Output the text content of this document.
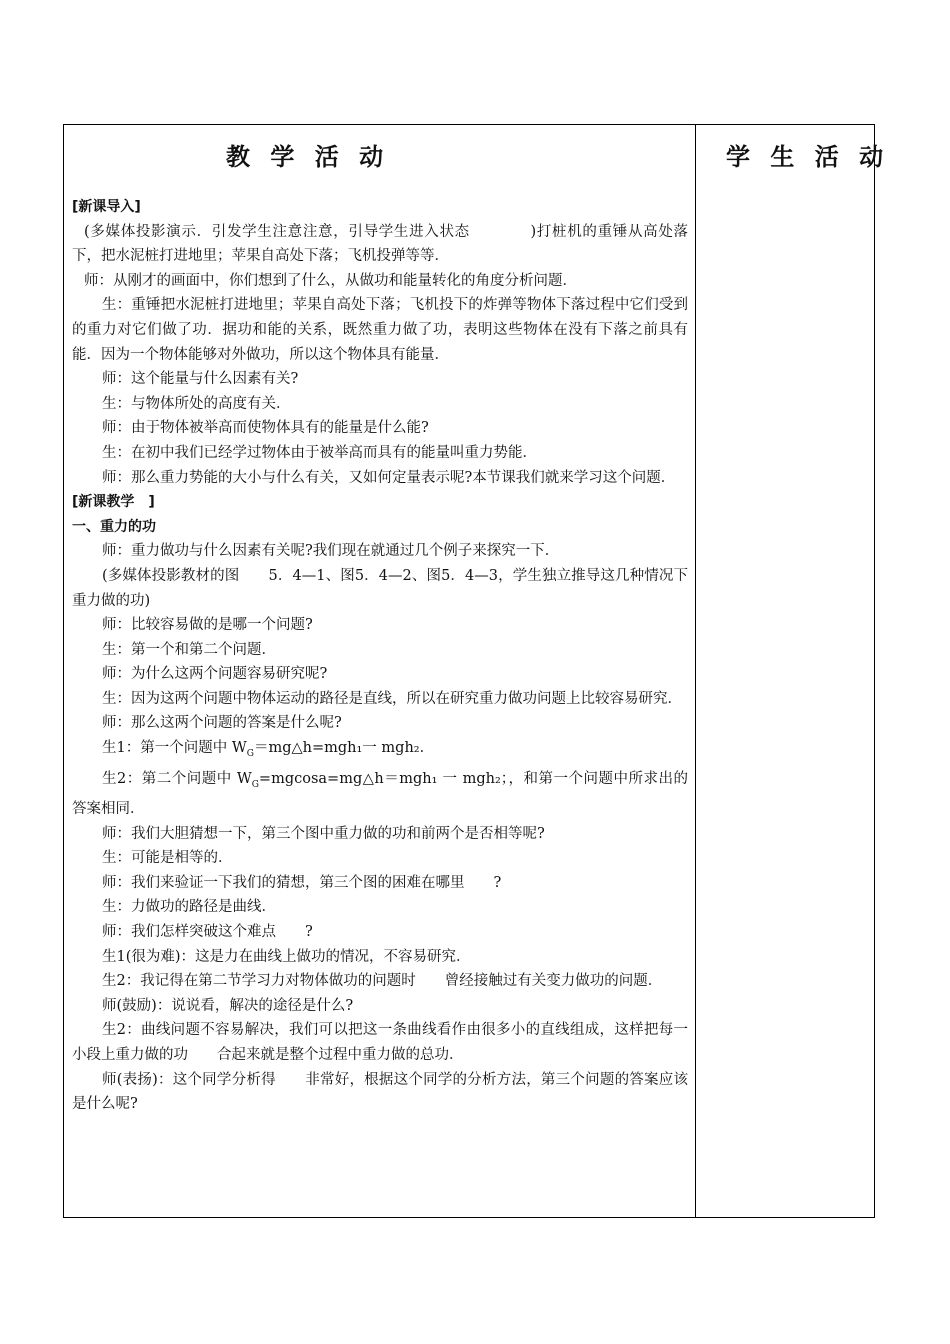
教 学 活 动

[新课导入]

(多媒体投影演示．引发学生注意注意，引导学生进入状态　　　　)打桩机的重锤从高处落下，把水泥桩打进地里；苹果自高处下落；飞机投弹等等．

师：从刚才的画面中，你们想到了什么，从做功和能量转化的角度分析问题．

生：重锤把水泥桩打进地里；苹果自高处下落；飞机投下的炸弹等物体下落过程中它们受到的重力对它们做了功．据功和能的关系，既然重力做了功，表明这些物体在没有下落之前具有能．因为一个物体能够对外做功，所以这个物体具有能量．

师：这个能量与什么因素有关?

生：与物体所处的高度有关．

师：由于物体被举高而使物体具有的能量是什么能?

生：在初中我们已经学过物体由于被举高而具有的能量叫重力势能．

师：那么重力势能的大小与什么有关，又如何定量表示呢?本节课我们就来学习这个问题．

[新课教学　]

一、重力的功

师：重力做功与什么因素有关呢?我们现在就通过几个例子来探究一下．

(多媒体投影教材的图　　5．4—1、图5．4—2、图5．4—3，学生独立推导这几种情况下重力做的功)

师：比较容易做的是哪一个问题?

生：第一个和第二个问题．

师：为什么这两个问题容易研究呢?

生：因为这两个问题中物体运动的路径是直线，所以在研究重力做功问题上比较容易研究．

师：那么这两个问题的答案是什么呢?

生1：第一个问题中 $W_G=mg\triangle h=mgh_1$一 mgh₂．

生2：第二个问题中 $W_G=mgcosa=mg\triangle h=mgh_1$ 一 mgh₂；，和第一个问题中所求出的答案相同．

师：我们大胆猜想一下，第三个图中重力做的功和前两个是否相等呢?

生：可能是相等的．

师：我们来验证一下我们的猜想，第三个图的困难在哪里　　?

生：力做功的路径是曲线．

师：我们怎样突破这个难点　　?

生1(很为难)：这是力在曲线上做功的情况，不容易研究．

生2：我记得在第二节学习力对物体做功的问题时　　曾经接触过有关变力做功的问题．

师(鼓励)：说说看，解决的途径是什么?

生2：曲线问题不容易解决，我们可以把这一条曲线看作由很多小的直线组成，这样把每一小段上重力做的功　　合起来就是整个过程中重力做的总功．

师(表扬)：这个同学分析得　　非常好，根据这个同学的分析方法，第三个问题的答案应该是什么呢?

学 生 活 动
